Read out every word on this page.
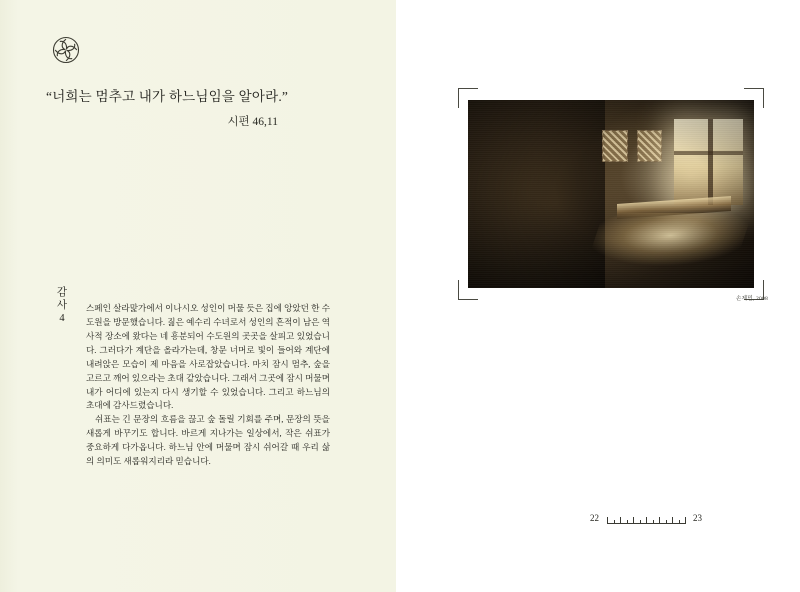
“너희는 멈추고 내가 하느님임을 알아라.”
시편 46,11
감
사
4

스페인 살라맕가에서 이나시오 성인이 머물 듯은 집에 앙았던 한 수도원을 방문했습니다. 짊은 예수리 수녀로서 성인의 흔적이 남은 역사적 장소에 왔다는 네 흥분되어 수도원의 곳곳을 살피고 있었습니다. 그러다가 계단을 올라가는데, 창문 너머로 빛이 들어와 계단에 내려앉은 모습이 제 마음을 사로잡았습니다. 마치 잠시 멈추, 숲을 고르고 깨어 있으라는 초대 같았습니다. 그래서 그곳에 잠시 머물며 내가 어디에 있는지 다시 생기할 수 있었습니다. 그리고 하느님의 초대에 감사드렸습니다.

쉬표는 긴 문장의 흐름을 끊고 숲 돌릴 기회를 주며, 문장의 뜻을 새롭게 바꾸기도 합니다. 바르게 지나가는 일상에서, 작은 쉬표가 중요하게 다가옵니다. 하느님 안에 머물며 잠시 쉬어갈 때 우리 삶의 의미도 새롭워지리라 믿습니다.

손제민, 2008
22	23
